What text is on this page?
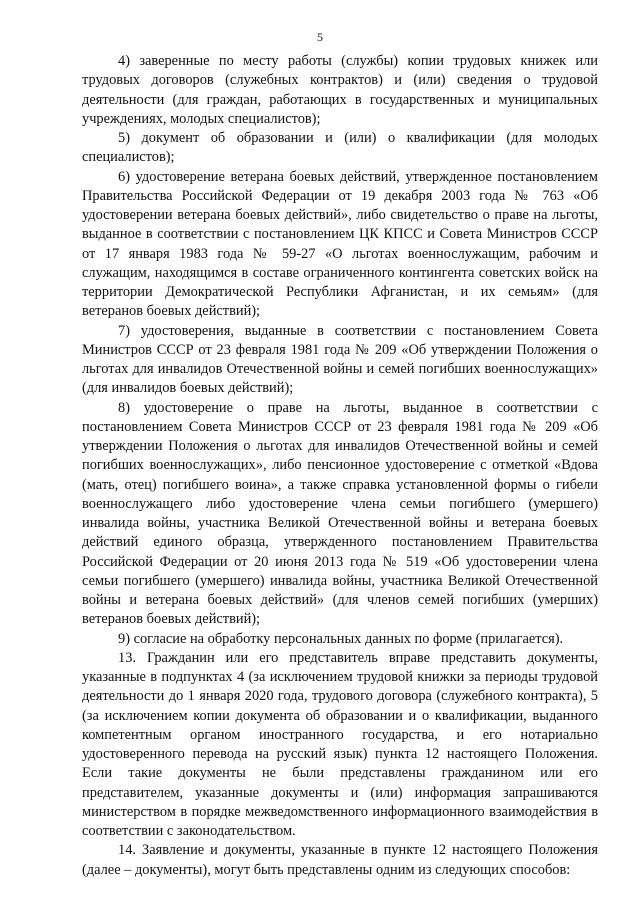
5

4) заверенные по месту работы (службы) копии трудовых книжек или трудовых договоров (служебных контрактов) и (или) сведения о трудовой деятельности (для граждан, работающих в государственных и муниципальных учреждениях, молодых специалистов);

5) документ об образовании и (или) о квалификации (для молодых специалистов);

6) удостоверение ветерана боевых действий, утвержденное постановлением Правительства Российской Федерации от 19 декабря 2003 года № 763 «Об удостоверении ветерана боевых действий», либо свидетельство о праве на льготы, выданное в соответствии с постановлением ЦК КПСС и Совета Министров СССР от 17 января 1983 года № 59-27 «О льготах военнослужащим, рабочим и служащим, находящимся в составе ограниченного контингента советских войск на территории Демократической Республики Афганистан, и их семьям» (для ветеранов боевых действий);

7) удостоверения, выданные в соответствии с постановлением Совета Министров СССР от 23 февраля 1981 года № 209 «Об утверждении Положения о льготах для инвалидов Отечественной войны и семей погибших военнослужащих» (для инвалидов боевых действий);

8) удостоверение о праве на льготы, выданное в соответствии с постановлением Совета Министров СССР от 23 февраля 1981 года № 209 «Об утверждении Положения о льготах для инвалидов Отечественной войны и семей погибших военнослужащих», либо пенсионное удостоверение с отметкой «Вдова (мать, отец) погибшего воина», а также справка установленной формы о гибели военнослужащего либо удостоверение члена семьи погибшего (умершего) инвалида войны, участника Великой Отечественной войны и ветерана боевых действий единого образца, утвержденного постановлением Правительства Российской Федерации от 20 июня 2013 года № 519 «Об удостоверении члена семьи погибшего (умершего) инвалида войны, участника Великой Отечественной войны и ветерана боевых действий» (для членов семей погибших (умерших) ветеранов боевых действий);

9) согласие на обработку персональных данных по форме (прилагается).

13. Гражданин или его представитель вправе представить документы, указанные в подпунктах 4 (за исключением трудовой книжки за периоды трудовой деятельности до 1 января 2020 года, трудового договора (служебного контракта), 5 (за исключением копии документа об образовании и о квалификации, выданного компетентным органом иностранного государства, и его нотариально удостоверенного перевода на русский язык) пункта 12 настоящего Положения. Если такие документы не были представлены гражданином или его представителем, указанные документы и (или) информация запрашиваются министерством в порядке межведомственного информационного взаимодействия в соответствии с законодательством.

14. Заявление и документы, указанные в пункте 12 настоящего Положения (далее – документы), могут быть представлены одним из следующих способов:
